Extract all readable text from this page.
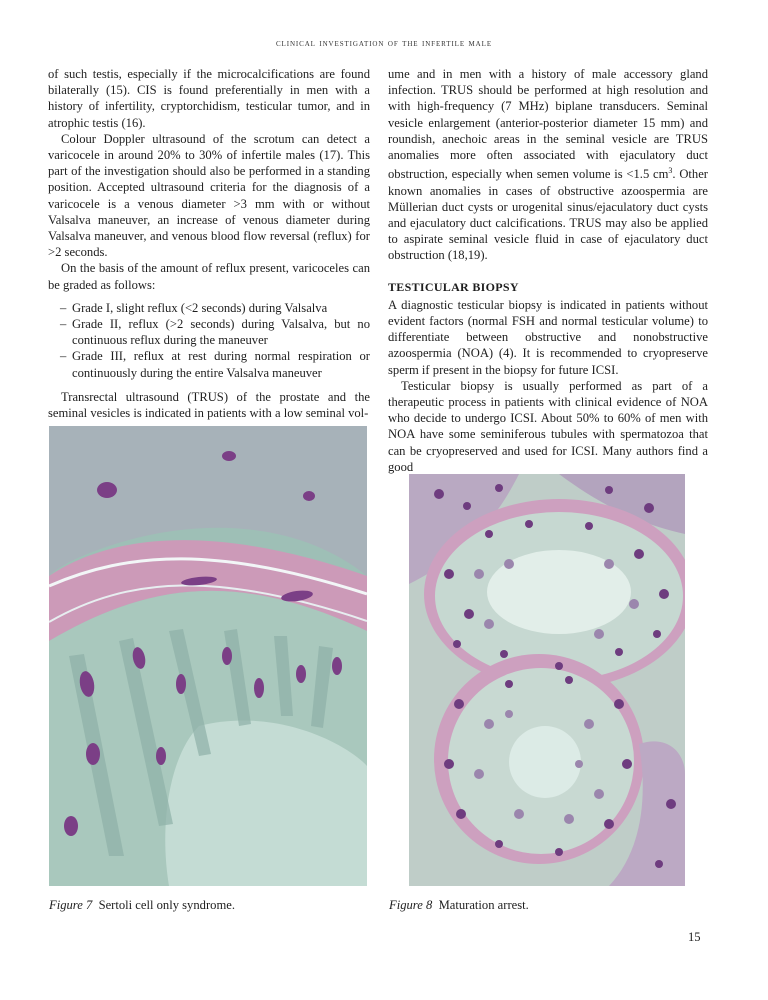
clinical investigation of the infertile male

of such testis, especially if the microcalcifications are found bilaterally (15). CIS is found preferentially in men with a history of infertility, cryptorchidism, testicular tumor, and in atrophic testis (16).

Colour Doppler ultrasound of the scrotum can detect a varicocele in around 20% to 30% of infertile males (17). This part of the investigation should also be performed in a standing position. Accepted ultrasound criteria for the diagnosis of a varicocele is a venous diameter >3 mm with or without Valsalva maneuver, an increase of venous diameter during Valsalva maneuver, and venous blood flow reversal (reflux) for >2 seconds.

On the basis of the amount of reflux present, varicoceles can be graded as follows:

– Grade I, slight reflux (<2 seconds) during Valsalva
– Grade II, reflux (>2 seconds) during Valsalva, but no continuous reflux during the maneuver
– Grade III, reflux at rest during normal respiration or continuously during the entire Valsalva maneuver

Transrectal ultrasound (TRUS) of the prostate and the seminal vesicles is indicated in patients with a low seminal vol-

ume and in men with a history of male accessory gland infection. TRUS should be performed at high resolution and with high-frequency (7 MHz) biplane transducers. Seminal vesicle enlargement (anterior-posterior diameter 15 mm) and roundish, anechoic areas in the seminal vesicle are TRUS anomalies more often associated with ejaculatory duct obstruction, especially when semen volume is <1.5 $cm^3$. Other known anomalies in cases of obstructive azoospermia are Müllerian duct cysts or urogenital sinus/ejaculatory duct cysts and ejaculatory duct calcifications. TRUS may also be applied to aspirate seminal vesicle fluid in case of ejaculatory duct obstruction (18,19).

TESTICULAR BIOPSY

A diagnostic testicular biopsy is indicated in patients without evident factors (normal FSH and normal testicular volume) to differentiate between obstructive and nonobstructive azoospermia (NOA) (4). It is recommended to cryopreserve sperm if present in the biopsy for future ICSI.

Testicular biopsy is usually performed as part of a therapeutic process in patients with clinical evidence of NOA who decide to undergo ICSI. About 50% to 60% of men with NOA have some seminiferous tubules with spermatozoa that can be cryopreserved and used for ICSI. Many authors find a good

Figure 7 Sertoli cell only syndrome.	Figure 8 Maturation arrest.
15
